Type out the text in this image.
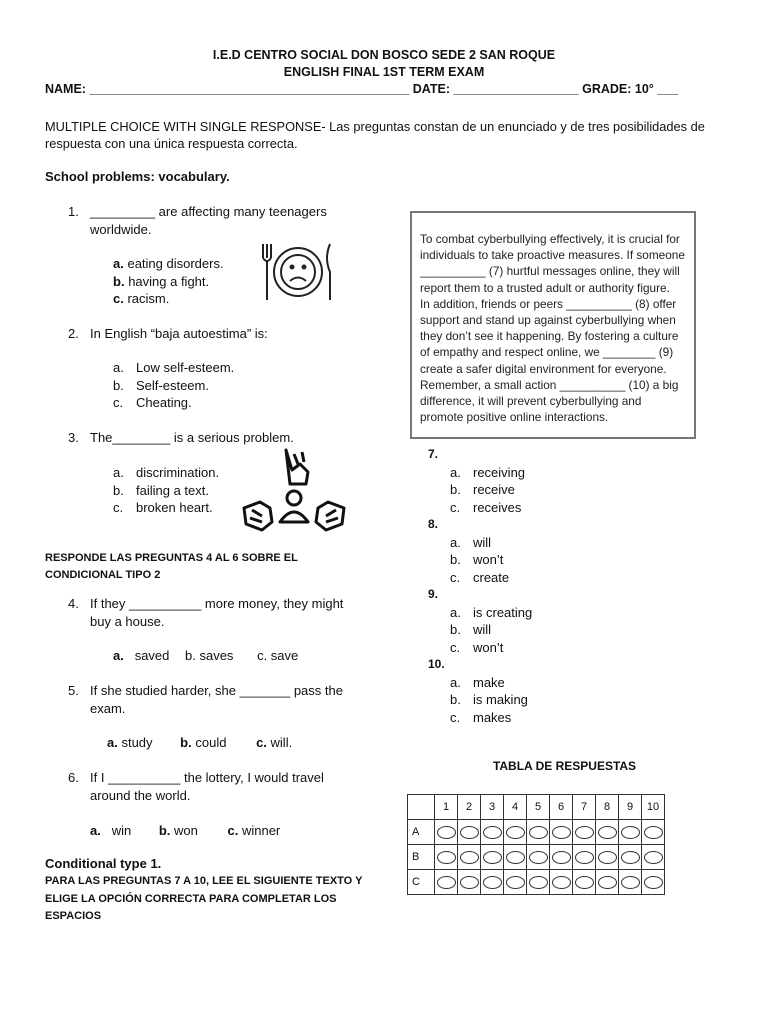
I.E.D CENTRO SOCIAL DON BOSCO SEDE 2 SAN ROQUE
ENGLISH FINAL 1ST TERM EXAM
NAME: ______________________________________________ DATE: __________________ GRADE: 10° ___
MULTIPLE CHOICE WITH SINGLE RESPONSE- Las preguntas constan de un enunciado y de tres posibilidades de
respuesta con una única respuesta correcta.
School problems: vocabulary.
1. _________ are affecting many teenagers
worldwide.
a. eating disorders.
b. having a fight.
c. racism.
2. In English “baja autoestima” is:
a. Low self-esteem.
b. Self-esteem.
c. Cheating.
3. The________ is a serious problem.
a. discrimination.
b. failing a text.
c. broken heart.
RESPONDE LAS PREGUNTAS 4 AL 6 SOBRE EL
CONDICIONAL TIPO 2
4. If they __________ more money, they might
buy a house.
a. saved b. saves c. save
5. If she studied harder, she _______ pass the
exam.
a. study b. could c. will.
6. If I __________ the lottery, I would travel
around the world.
a. win b. won c. winner
Conditional type 1.
PARA LAS PREGUNTAS 7 A 10, LEE EL SIGUIENTE TEXTO Y
ELIGE LA OPCIÓN CORRECTA PARA COMPLETAR LOS
ESPACIOS

To combat cyberbullying effectively, it is crucial for
individuals to take proactive measures. If someone
__________ (7) hurtful messages online, they will
report them to a trusted adult or authority figure.
In addition, friends or peers __________ (8) offer
support and stand up against cyberbullying when
they don’t see it happening. By fostering a culture
of empathy and respect online, we ________ (9)
create a safer digital environment for everyone.
Remember, a small action __________ (10) a big
difference, it will prevent cyberbullying and
promote positive online interactions.

7.
a. receiving
b. receive
c. receives
8.
a. will
b. won’t
c. create
9.
a. is creating
b. will
c. won’t
10.
a. make
b. is making
c. makes
TABLA DE RESPUESTAS
	1	2	3	4	5	6	7	8	9	10
A										
B										
C										
